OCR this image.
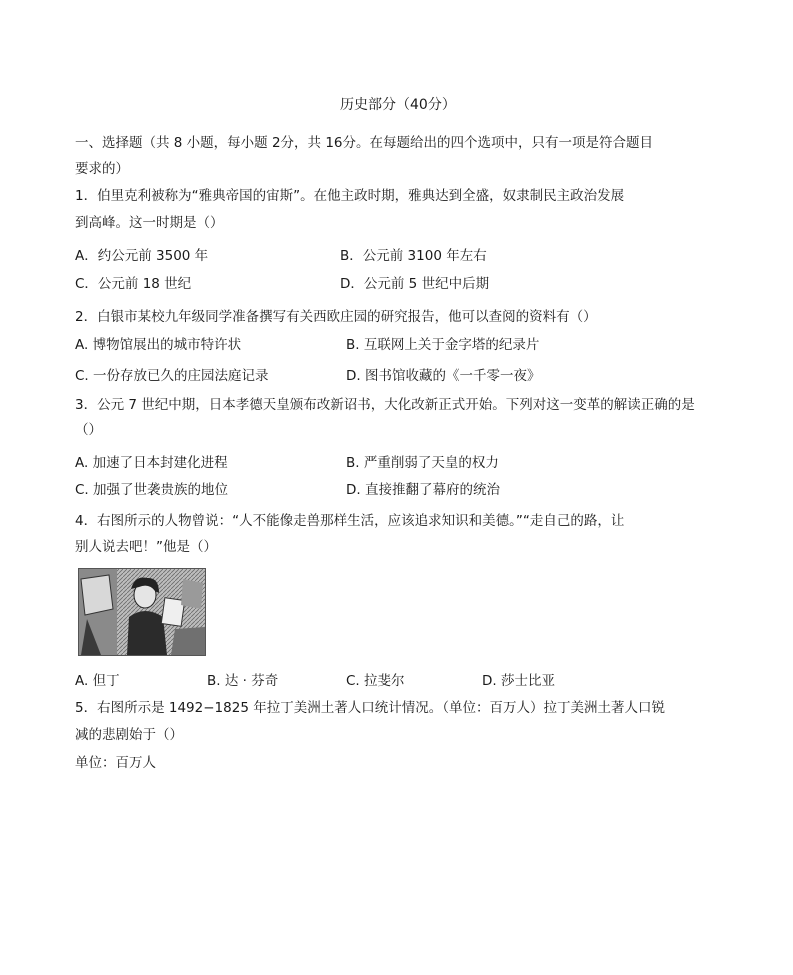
历史部分（40分）
一、选择题（共 8 小题，每小题 2分，共 16分。在每题给出的四个选项中，只有一项是符合题目
要求的）
1．伯里克利被称为“雅典帝国的宙斯”。在他主政时期，雅典达到全盛，奴隶制民主政治发展
到高峰。这一时期是（）
A．约公元前 3500 年	B．公元前 3100 年左右
C．公元前 18 世纪	D．公元前 5 世纪中后期
2．白银市某校九年级同学准备撰写有关西欧庄园的研究报告，他可以查阅的资料有（）
A. 博物馆展出的城市特许状	B. 互联网上关于金字塔的纪录片
C. 一份存放已久的庄园法庭记录	D. 图书馆收藏的《一千零一夜》
3．公元 7 世纪中期，日本孝德天皇颁布改新诏书，大化改新正式开始。下列对这一变革的解读正确的是
（）
A. 加速了日本封建化进程	B. 严重削弱了天皇的权力
C. 加强了世袭贵族的地位	D. 直接推翻了幕府的统治
4．右图所示的人物曾说：“人不能像走兽那样生活，应该追求知识和美德。”“走自己的路，让
别人说去吧！”他是（）
A. 但丁	B. 达 · 芬奇	C. 拉斐尔	D. 莎士比亚
5．右图所示是 1492−1825 年拉丁美洲土著人口统计情况。（单位：百万人）拉丁美洲土著人口锐
减的悲剧始于（）
单位：百万人
